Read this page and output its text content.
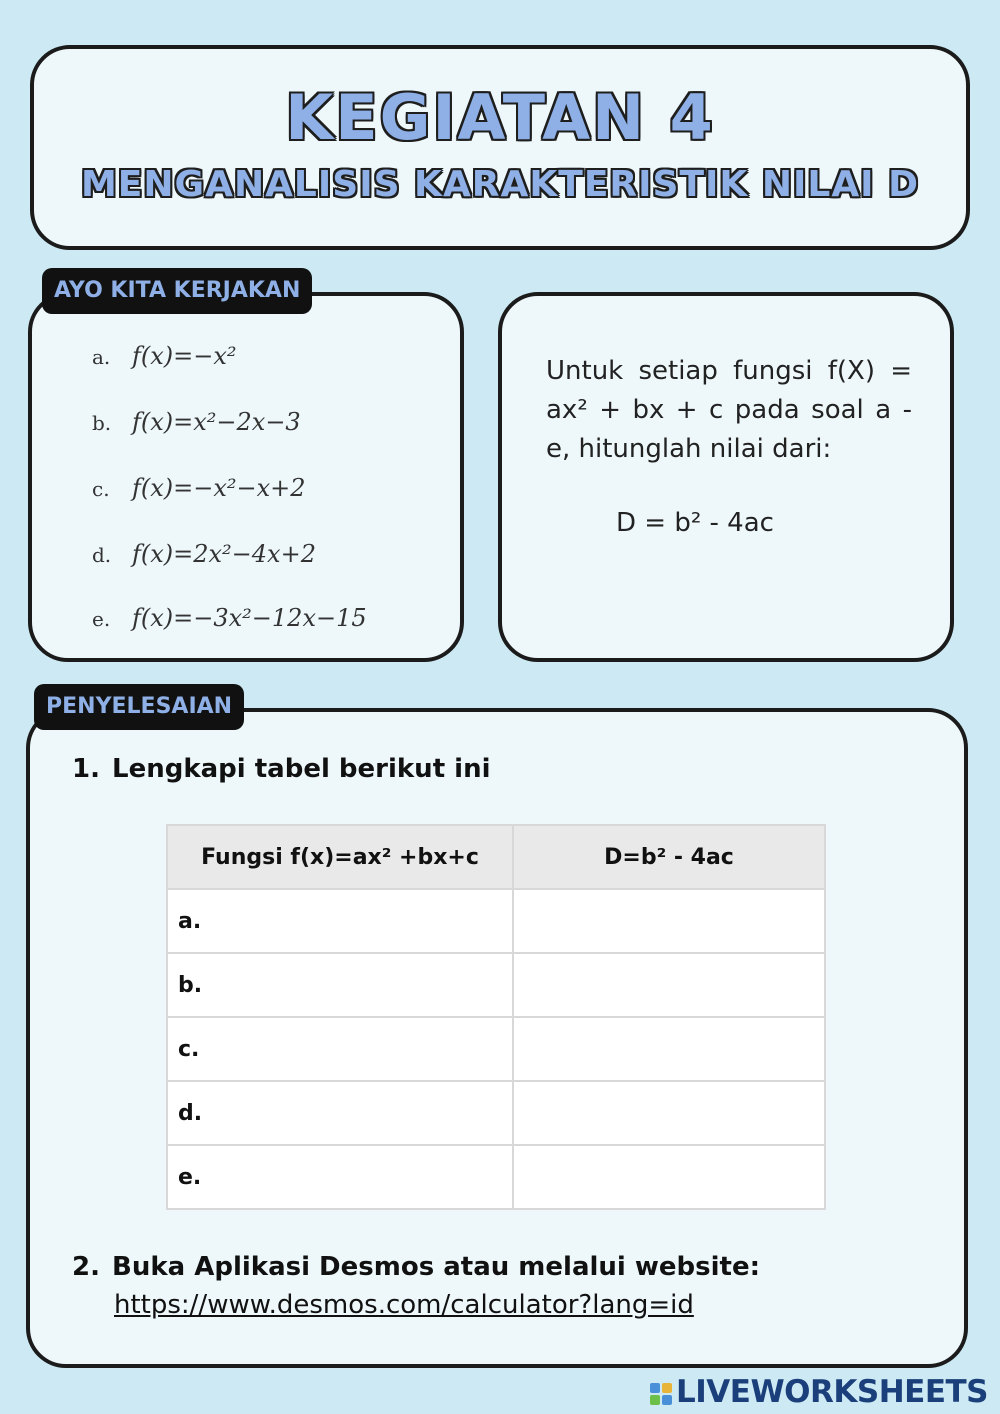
KEGIATAN 4
MENGANALISIS KARAKTERISTIK NILAI D
AYO KITA KERJAKAN
a. f(x)=−x²
b. f(x)=x²−2x−3
c. f(x)=−x²−x+2
d. f(x)=2x²−4x+2
e. f(x)=−3x²−12x−15
Untuk setiap fungsi f(X) = ax² + bx + c pada soal a - e, hitunglah nilai dari:
D = b² - 4ac
PENYELESAIAN
1. Lengkapi tabel berikut ini
Fungsi f(x)=ax² +bx+c	D=b² - 4ac
a.	
b.	
c.	
d.	
e.	
2. Buka Aplikasi Desmos atau melalui website:
https://www.desmos.com/calculator?lang=id
LIVEWORKSHEETS
